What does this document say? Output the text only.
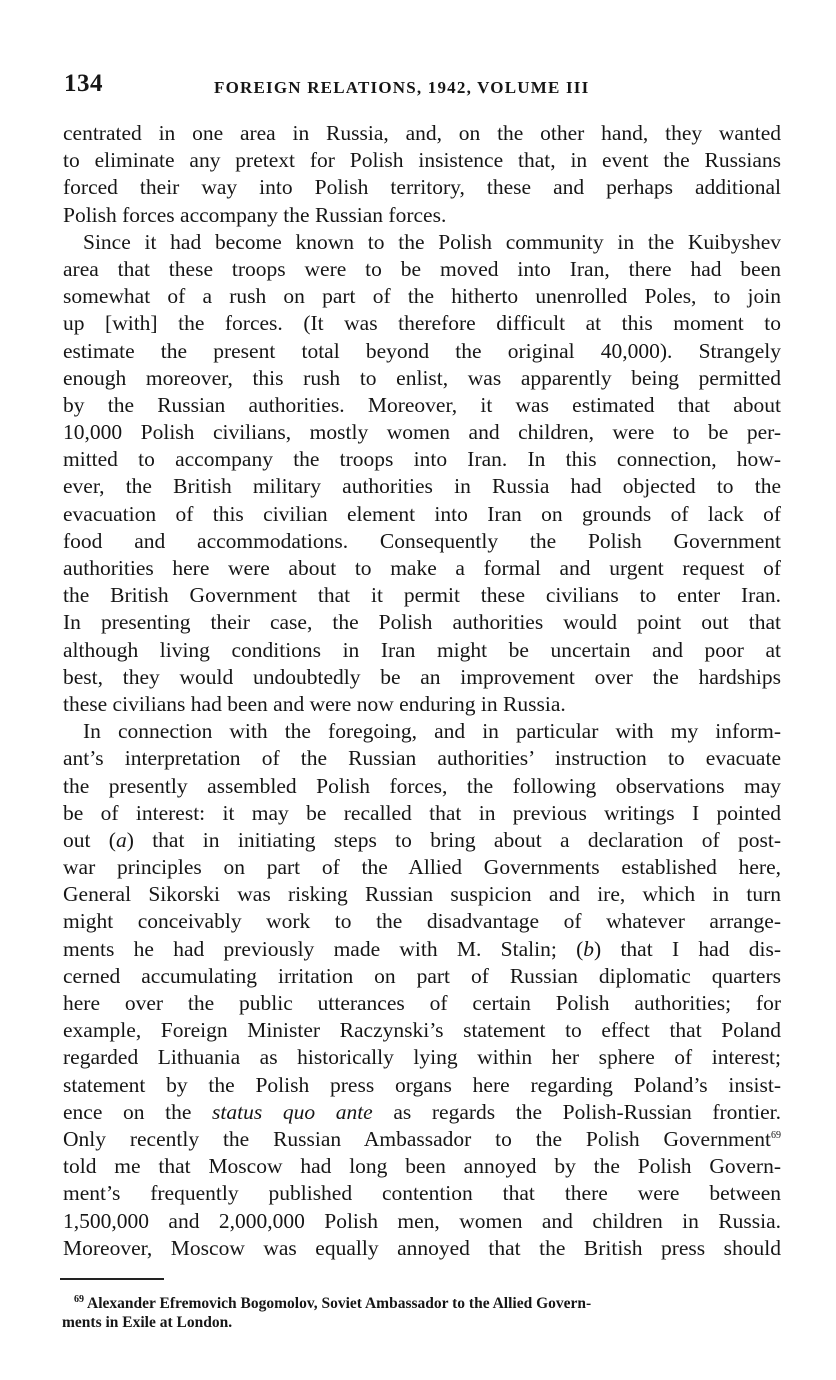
134	FOREIGN RELATIONS, 1942, VOLUME III
centrated in one area in Russia, and, on the other hand, they wanted
to eliminate any pretext for Polish insistence that, in event the Russians
forced their way into Polish territory, these and perhaps additional
Polish forces accompany the Russian forces.
Since it had become known to the Polish community in the Kuibyshev
area that these troops were to be moved into Iran, there had been
somewhat of a rush on part of the hitherto unenrolled Poles, to join
up [with] the forces. (It was therefore difficult at this moment to
estimate the present total beyond the original 40,000). Strangely
enough moreover, this rush to enlist, was apparently being permitted
by the Russian authorities. Moreover, it was estimated that about
10,000 Polish civilians, mostly women and children, were to be per-
mitted to accompany the troops into Iran. In this connection, how-
ever, the British military authorities in Russia had objected to the
evacuation of this civilian element into Iran on grounds of lack of
food and accommodations. Consequently the Polish Government
authorities here were about to make a formal and urgent request of
the British Government that it permit these civilians to enter Iran.
In presenting their case, the Polish authorities would point out that
although living conditions in Iran might be uncertain and poor at
best, they would undoubtedly be an improvement over the hardships
these civilians had been and were now enduring in Russia.
In connection with the foregoing, and in particular with my inform-
ant’s interpretation of the Russian authorities’ instruction to evacuate
the presently assembled Polish forces, the following observations may
be of interest: it may be recalled that in previous writings I pointed
out (a) that in initiating steps to bring about a declaration of post-
war principles on part of the Allied Governments established here,
General Sikorski was risking Russian suspicion and ire, which in turn
might conceivably work to the disadvantage of whatever arrange-
ments he had previously made with M. Stalin; (b) that I had dis-
cerned accumulating irritation on part of Russian diplomatic quarters
here over the public utterances of certain Polish authorities; for
example, Foreign Minister Raczynski’s statement to effect that Poland
regarded Lithuania as historically lying within her sphere of interest;
statement by the Polish press organs here regarding Poland’s insist-
ence on the status quo ante as regards the Polish-Russian frontier.
Only recently the Russian Ambassador to the Polish Government$^{69}$
told me that Moscow had long been annoyed by the Polish Govern-
ment’s frequently published contention that there were between
1,500,000 and 2,000,000 Polish men, women and children in Russia.
Moreover, Moscow was equally annoyed that the British press should
$^{69}$ Alexander Efremovich Bogomolov, Soviet Ambassador to the Allied Govern-
ments in Exile at London.
